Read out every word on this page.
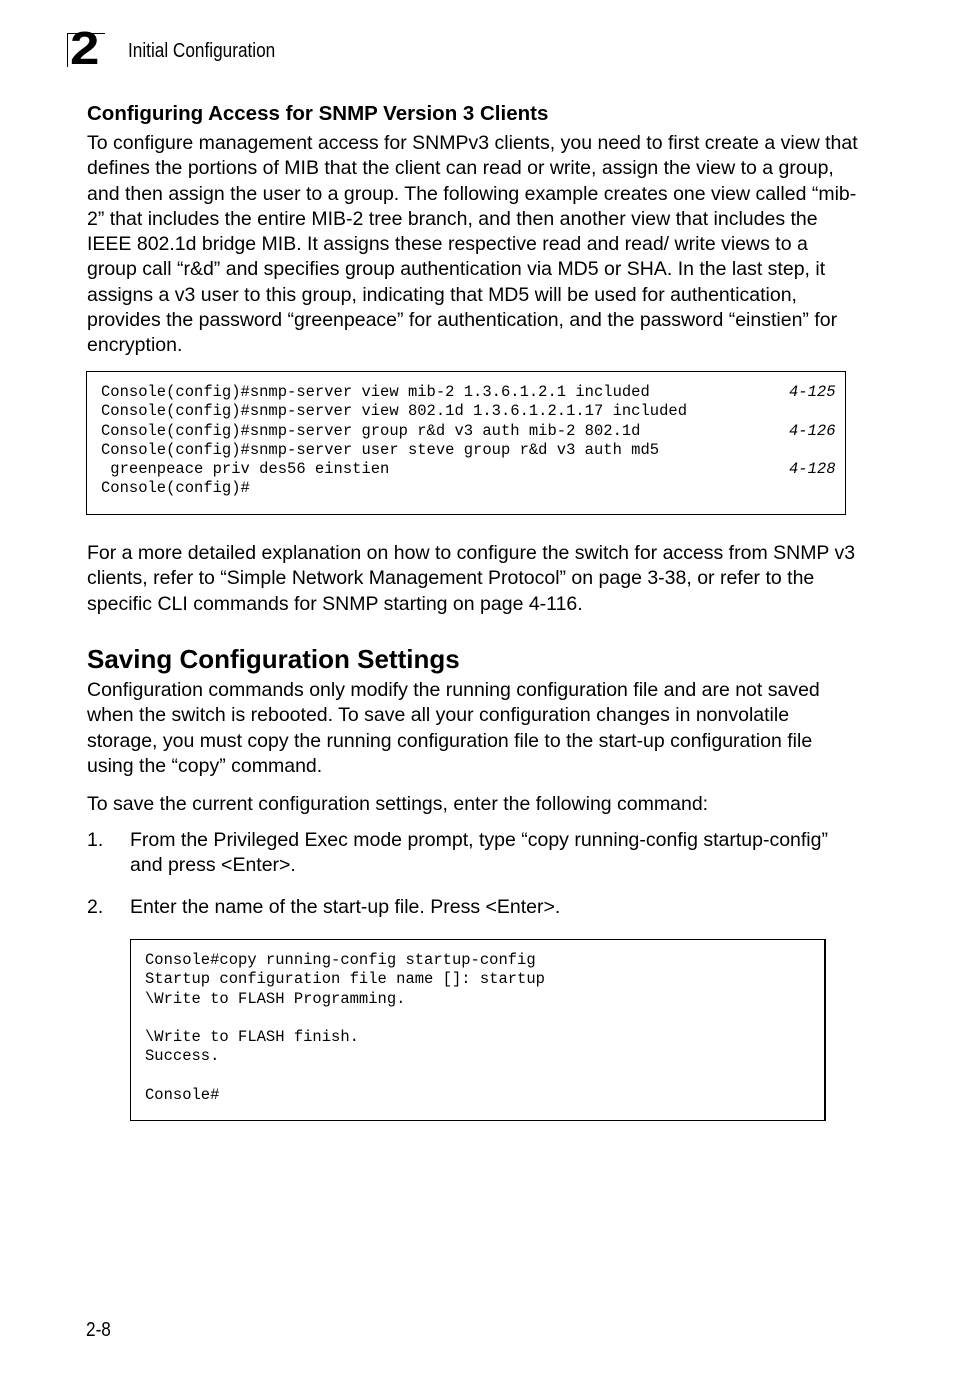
2 Initial Configuration
Configuring Access for SNMP Version 3 Clients

To configure management access for SNMPv3 clients, you need to first create a view that defines the portions of MIB that the client can read or write, assign the view to a group, and then assign the user to a group. The following example creates one view called “mib-2” that includes the entire MIB-2 tree branch, and then another view that includes the IEEE 802.1d bridge MIB. It assigns these respective read and read/ write views to a group call “r&d” and specifies group authentication via MD5 or SHA. In the last step, it assigns a v3 user to this group, indicating that MD5 will be used for authentication, provides the password “greenpeace” for authentication, and the password “einstien” for encryption.

Console(config)#snmp-server view mib-2 1.3.6.1.2.1 included	4-125
Console(config)#snmp-server view 802.1d 1.3.6.1.2.1.17 included
Console(config)#snmp-server group r&d v3 auth mib-2 802.1d	4-126
Console(config)#snmp-server user steve group r&d v3 auth md5
greenpeace priv des56 einstien	4-128
Console(config)#

For a more detailed explanation on how to configure the switch for access from SNMP v3 clients, refer to “Simple Network Management Protocol” on page 3-38, or refer to the specific CLI commands for SNMP starting on page 4-116.

Saving Configuration Settings

Configuration commands only modify the running configuration file and are not saved when the switch is rebooted. To save all your configuration changes in nonvolatile storage, you must copy the running configuration file to the start-up configuration file using the “copy” command.

To save the current configuration settings, enter the following command:

1. From the Privileged Exec mode prompt, type “copy running-config startup-config” and press <Enter>.
2. Enter the name of the start-up file. Press <Enter>.
Console#copy running-config startup-config
Startup configuration file name []: startup
\Write to FLASH Programming.
\Write to FLASH finish.
Success.
Console#
2-8
